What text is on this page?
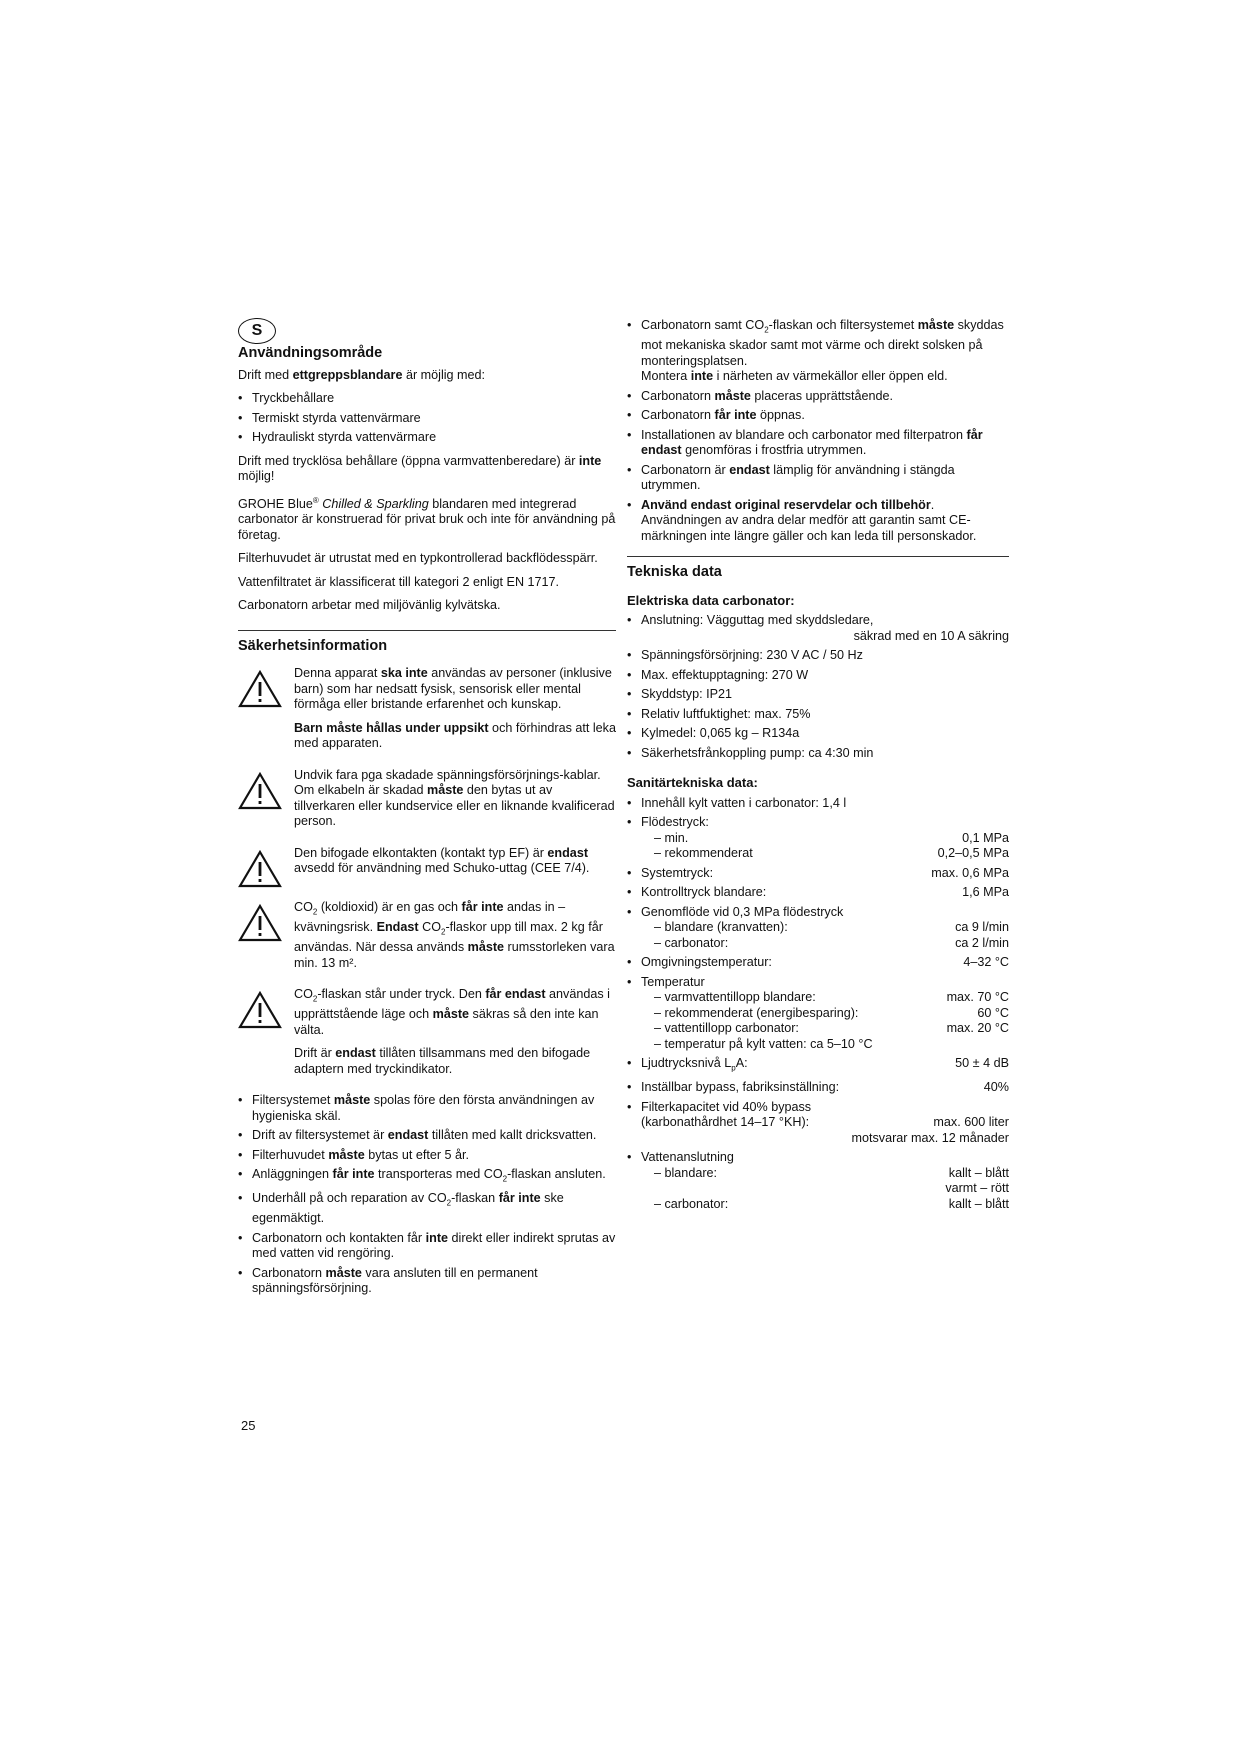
S
Användningsområde

Drift med ettgreppsblandare är möjlig med:

• Tryckbehållare
• Termiskt styrda vattenvärmare
• Hydrauliskt styrda vattenvärmare

Drift med trycklösa behållare (öppna varmvattenberedare) är inte möjlig!

GROHE Blue® Chilled & Sparkling blandaren med integrerad carbonator är konstruerad för privat bruk och inte för användning på företag.

Filterhuvudet är utrustat med en typkontrollerad backflödesspärr.

Vattenfiltratet är klassificerat till kategori 2 enligt EN 1717.

Carbonatorn arbetar med miljövänlig kylvätska.

Säkerhetsinformation

Denna apparat ska inte användas av personer (inklusive barn) som har nedsatt fysisk, sensorisk eller mental förmåga eller bristande erfarenhet och kunskap.

Barn måste hållas under uppsikt och förhindras att leka med apparaten.

Undvik fara pga skadade spänningsförsörjnings-kablar. Om elkabeln är skadad måste den bytas ut av tillverkaren eller kundservice eller en liknande kvalificerad person.

Den bifogade elkontakten (kontakt typ EF) är endast avsedd för användning med Schuko-uttag (CEE 7/4).

$CO_2$ (koldioxid) är en gas och får inte andas in – kvävningsrisk. Endast $CO_2$-flaskor upp till max. 2 kg får användas. När dessa används måste rumsstorleken vara min. 13 m².

$CO_2$-flaskan står under tryck. Den får endast användas i upprättstående läge och måste säkras så den inte kan välta.

Drift är endast tillåten tillsammans med den bifogade adaptern med tryckindikator.

• Filtersystemet måste spolas före den första användningen av hygieniska skäl.
• Drift av filtersystemet är endast tillåten med kallt dricksvatten.
• Filterhuvudet måste bytas ut efter 5 år.
• Anläggningen får inte transporteras med $CO_2$-flaskan ansluten.
• Underhåll på och reparation av $CO_2$-flaskan får inte ske egenmäktigt.
• Carbonatorn och kontakten får inte direkt eller indirekt sprutas av med vatten vid rengöring.
• Carbonatorn måste vara ansluten till en permanent spänningsförsörjning.
• Carbonatorn samt $CO_2$-flaskan och filtersystemet måste skyddas mot mekaniska skador samt mot värme och direkt solsken på monteringsplatsen.
Montera inte i närheten av värmekällor eller öppen eld.
• Carbonatorn måste placeras upprättstående.
• Carbonatorn får inte öppnas.
• Installationen av blandare och carbonator med filterpatron får endast genomföras i frostfria utrymmen.
• Carbonatorn är endast lämplig för användning i stängda utrymmen.
• Använd endast original reservdelar och tillbehör.
Användningen av andra delar medför att garantin samt CE-märkningen inte längre gäller och kan leda till personskador.
Tekniska data
Elektriska data carbonator:
• Anslutning: Vägguttag med skyddsledare,
säkrad med en 10 A säkring
• Spänningsförsörjning: 230 V AC / 50 Hz
• Max. effektupptagning: 270 W
• Skyddstyp: IP21
• Relativ luftfuktighet: max. 75%
• Kylmedel: 0,065 kg – R134a
• Säkerhetsfrånkoppling pump: ca 4:30 min
Sanitärtekniska data:
• Innehåll kylt vatten i carbonator: 1,4 l
• Flödestryck:
– min.	0,1 MPa
– rekommenderat	0,2–0,5 MPa
• Systemtryck:	max. 0,6 MPa
• Kontrolltryck blandare:	1,6 MPa
• Genomflöde vid 0,3 MPa flödestryck
– blandare (kranvatten):	ca 9 l/min
– carbonator:	ca 2 l/min
• Omgivningstemperatur:	4–32 °C
• Temperatur
– varmvattentillopp blandare:	max. 70 °C
– rekommenderat (energibesparing):	60 °C
– vattentillopp carbonator:	max. 20 °C
– temperatur på kylt vatten: ca 5–10 °C
• Ljudtrycksnivå $L_pA$:	50 ± 4 dB
• Inställbar bypass, fabriksinställning:	40%
• Filterkapacitet vid 40% bypass
(karbonathårdhet 14–17 °KH):	max. 600 liter
motsvarar max. 12 månader
• Vattenanslutning
– blandare:	kallt – blått
varmt – rött
– carbonator:	kallt – blått
25
